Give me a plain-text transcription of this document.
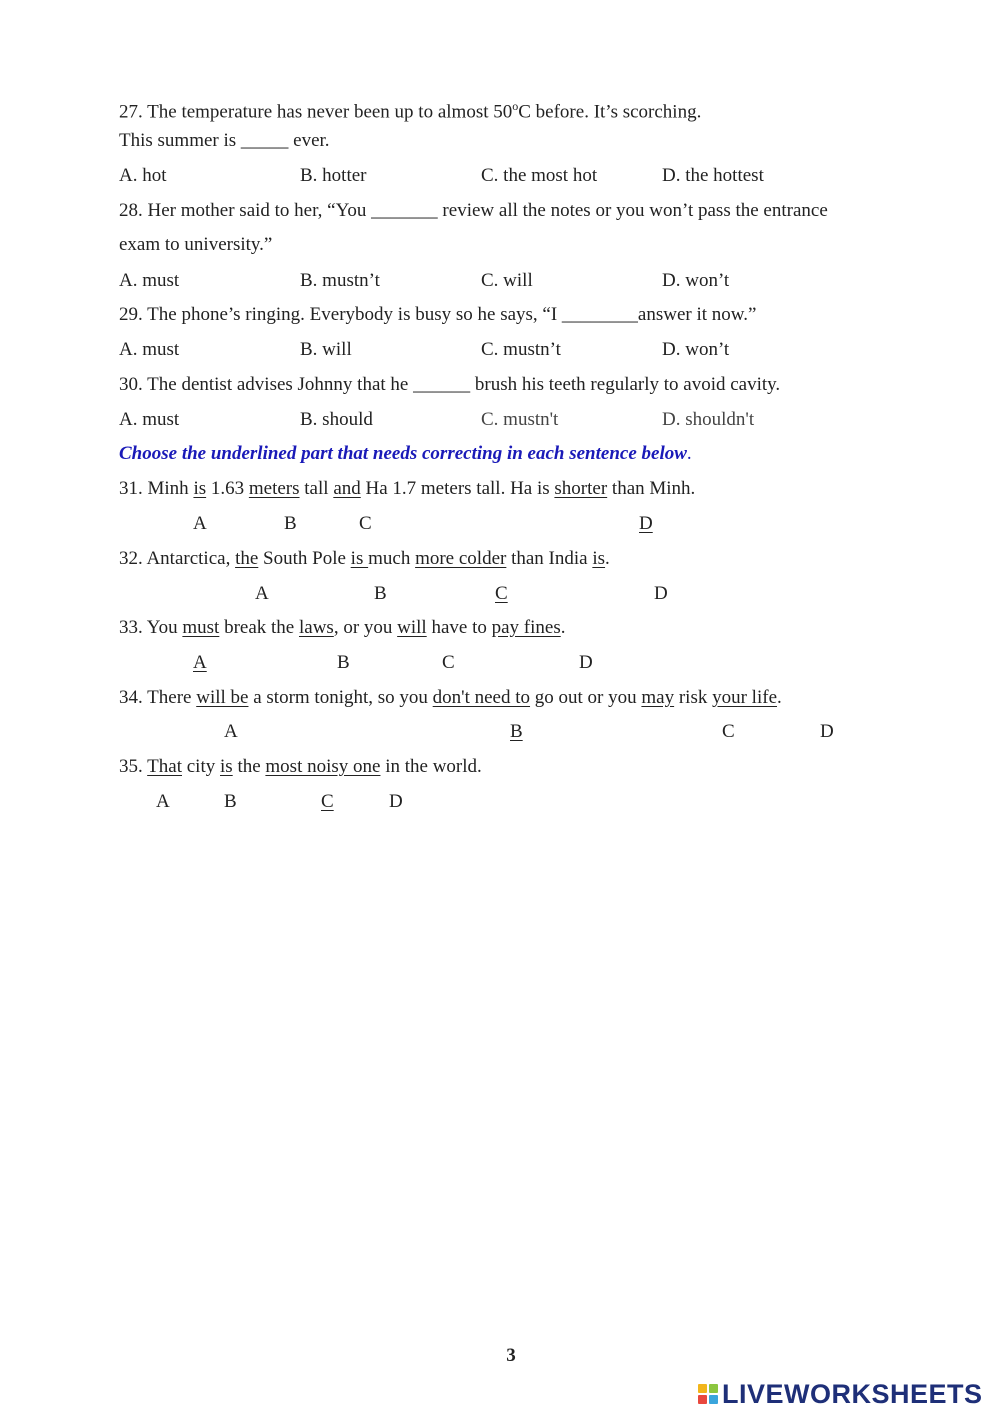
27. The temperature has never been up to almost 50$^o$C before. It’s scorching.
This summer is _____ ever.
A. hot	B. hotter	C. the most hot	D. the hottest
28. Her mother said to her, “You _______ review all the notes or you won’t pass the entrance
exam to university.”
A. must	B. mustn’t	C. will	D. won’t
29. The phone’s ringing. Everybody is busy so he says, “I ________answer it now.”
A. must	B. will	C. mustn’t	D. won’t
30. The dentist advises Johnny that he ______ brush his teeth regularly to avoid cavity.
A. must	B. should	C. mustn't	D. shouldn't
Choose the underlined part that needs correcting in each sentence below.
31. Minh is 1.63 meters tall and Ha 1.7 meters tall. Ha is shorter than Minh.
A	B	C	D
32. Antarctica, the South Pole is much more colder than India is.
A	B	C	D
33. You must break the laws, or you will have to pay fines.
A	B	C	D
34. There will be a storm tonight, so you don't need to go out or you may risk your life.
A	B	C	D
35. That city is the most noisy one in the world.
A	B	C	D
3
LIVEWORKSHEETS
